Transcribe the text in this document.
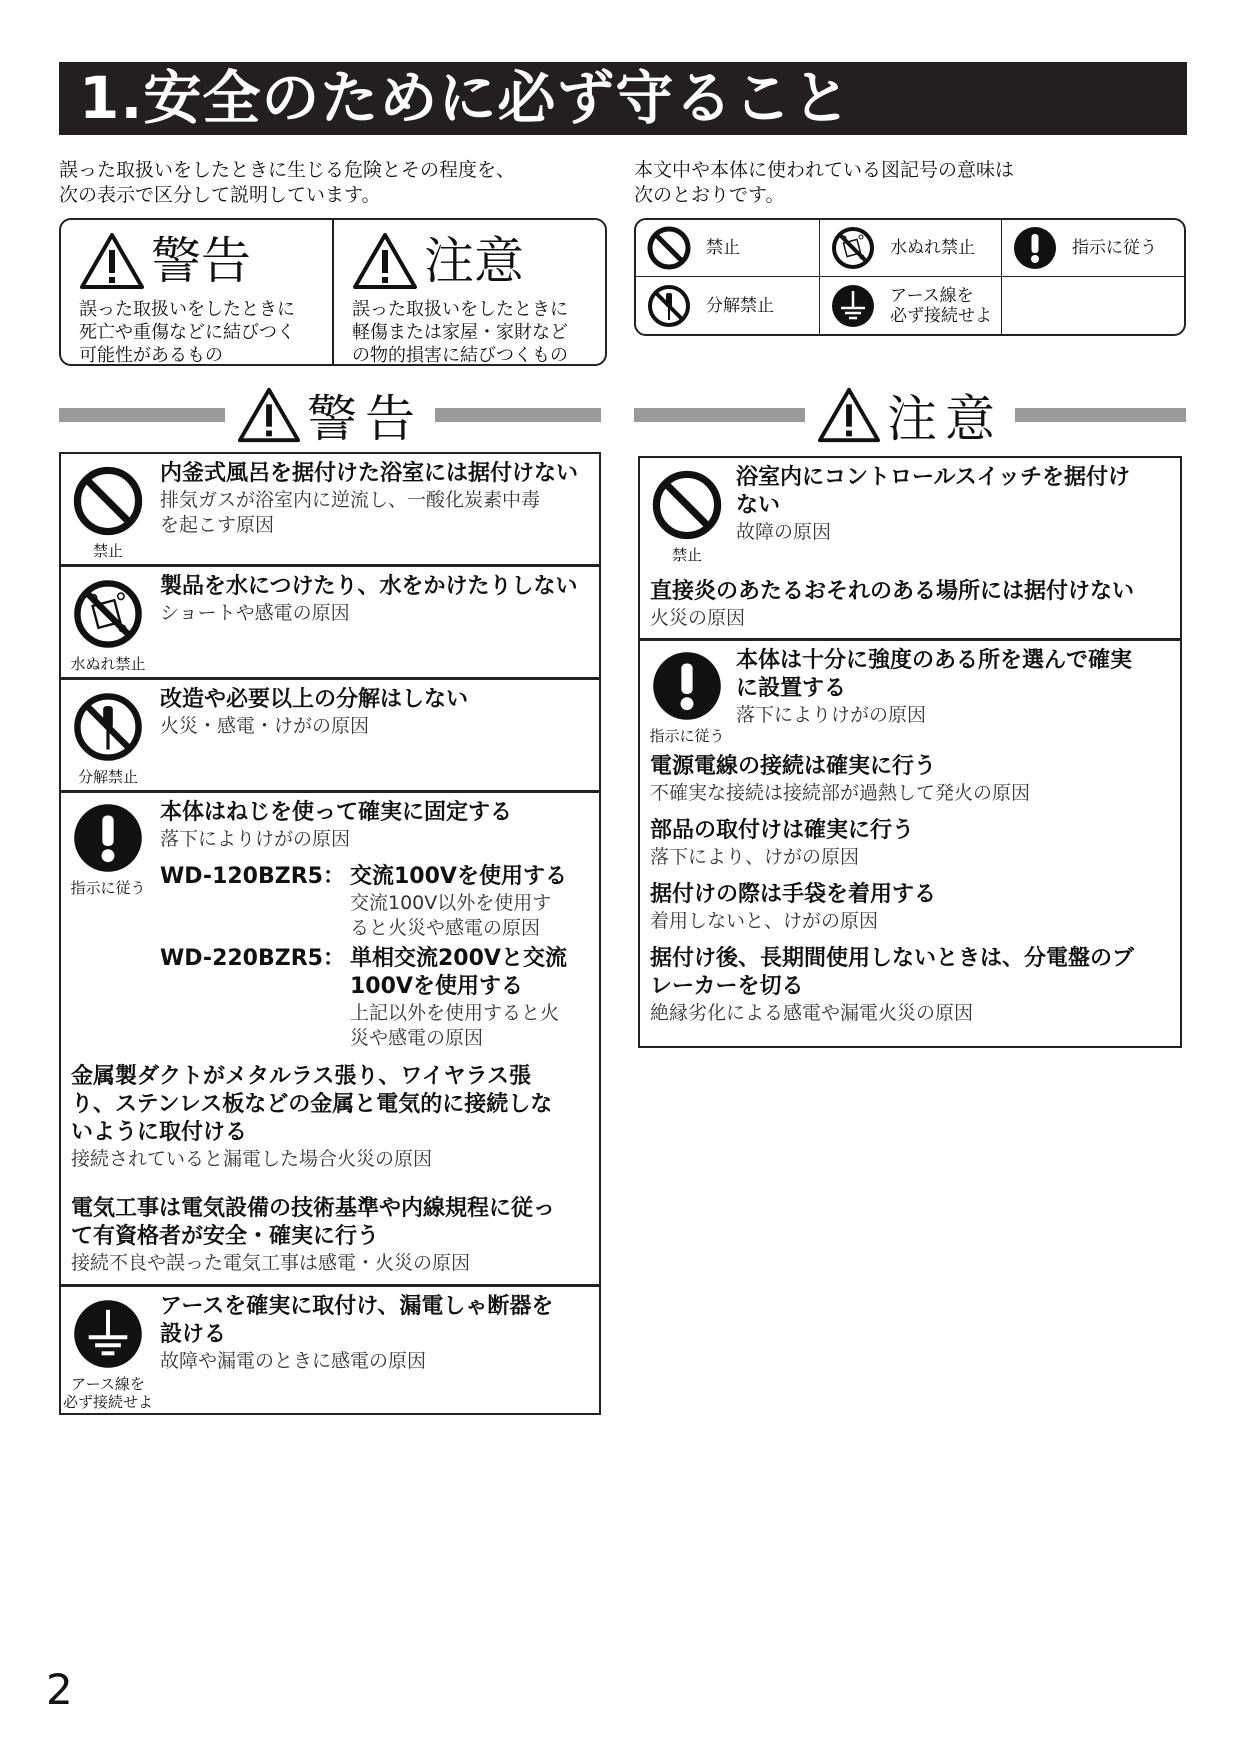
1.安全のために必ず守ること
誤った取扱いをしたときに生じる危険とその程度を、
次の表示で区分して説明しています。
本文中や本体に使われている図記号の意味は
次のとおりです。
警告
誤った取扱いをしたときに
死亡や重傷などに結びつく
可能性があるもの
注意
誤った取扱いをしたときに
軽傷または家屋・家財など
の物的損害に結びつくもの
禁止	水ぬれ禁止	指示に従う
分解禁止	アース線を
必ず接続せよ
警告	注意
禁止
内釜式風呂を据付けた浴室には据付けない
排気ガスが浴室内に逆流し、一酸化炭素中毒
を起こす原因
水ぬれ禁止
製品を水につけたり、水をかけたりしない
ショートや感電の原因
分解禁止
改造や必要以上の分解はしない
火災・感電・けがの原因
指示に従う
本体はねじを使って確実に固定する
落下によりけがの原因
WD-120BZR5： 交流100Vを使用する
交流100V以外を使用す
ると火災や感電の原因
WD-220BZR5： 単相交流200Vと交流
100Vを使用する
上記以外を使用すると火
災や感電の原因
金属製ダクトがメタルラス張り、ワイヤラス張
り、ステンレス板などの金属と電気的に接続しな
いように取付ける
接続されていると漏電した場合火災の原因
電気工事は電気設備の技術基準や内線規程に従っ
て有資格者が安全・確実に行う
接続不良や誤った電気工事は感電・火災の原因
アース線を
必ず接続せよ
アースを確実に取付け、漏電しゃ断器を
設ける
故障や漏電のときに感電の原因
禁止
浴室内にコントロールスイッチを据付け
ない
故障の原因
直接炎のあたるおそれのある場所には据付けない
火災の原因
指示に従う
本体は十分に強度のある所を選んで確実
に設置する
落下によりけがの原因
電源電線の接続は確実に行う
不確実な接続は接続部が過熱して発火の原因
部品の取付けは確実に行う
落下により、けがの原因
据付けの際は手袋を着用する
着用しないと、けがの原因
据付け後、長期間使用しないときは、分電盤のブ
レーカーを切る
絶縁劣化による感電や漏電火災の原因
2
